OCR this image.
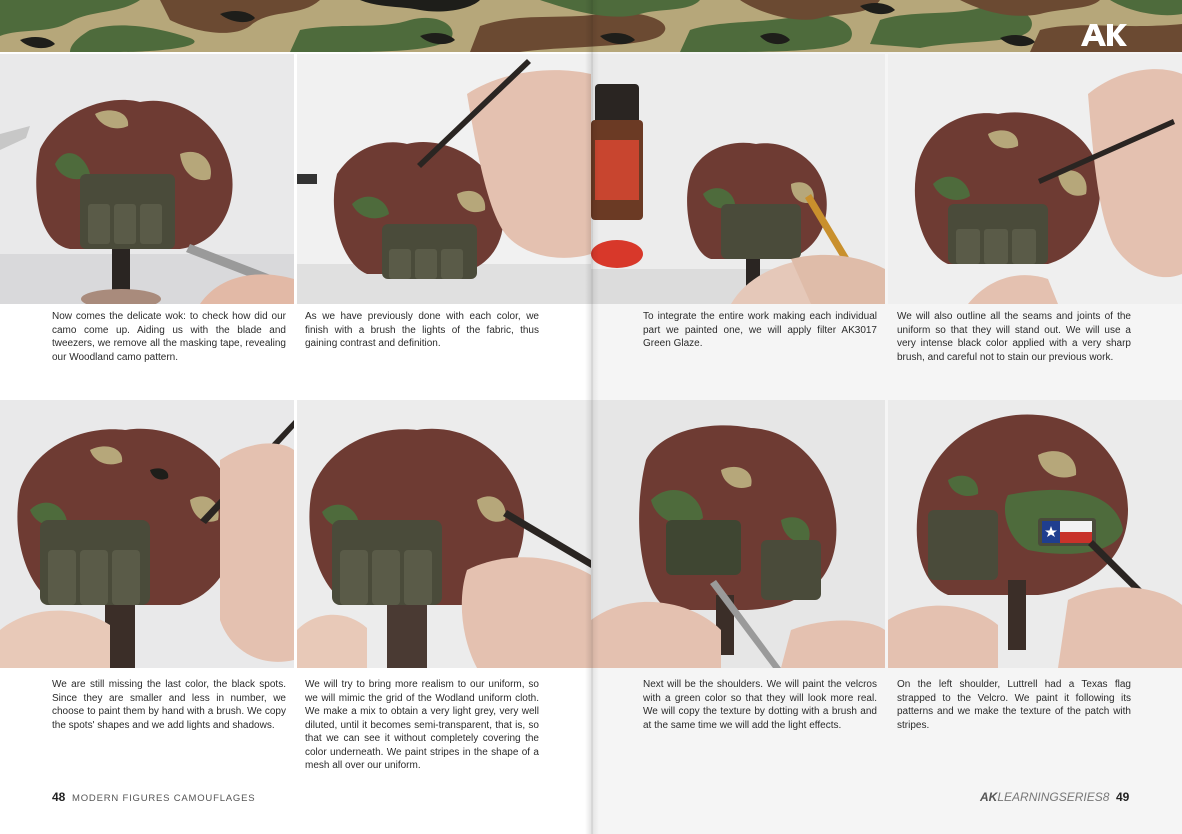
Now comes the delicate wok: to check how did our camo come up. Aiding us with the blade and tweezers, we remove all the masking tape, revealing our Woodland camo pattern.

As we have previously done with each color, we finish with a brush the lights of the fabric, thus gaining contrast and definition.

To integrate the entire work making each individual part we painted one, we will apply filter AK3017 Green Glaze.

We will also outline all the seams and joints of the uniform so that they will stand out. We will use a very intense black color applied with a very sharp brush, and careful not to stain our previous work.

We are still missing the last color, the black spots. Since they are smaller and less in number, we choose to paint them by hand with a brush. We copy the spots' shapes and we add lights and shadows.

We will try to bring more realism to our uniform, so we will mimic the grid of the Wodland uniform cloth. We make a mix to obtain a very light grey, very well diluted, until it becomes semi-transparent, that is, so that we can see it without completely covering the color underneath. We paint stripes in the shape of a mesh all over our uniform.

Next will be the shoulders. We will paint the velcros with a green color so that they will look more real. We will copy the texture by dotting with a brush and at the same time we will add the light effects.

On the left shoulder, Luttrell had a Texas flag strapped to the Velcro. We paint it following its patterns and we make the texture of the patch with stripes.

48 MODERN FIGURES CAMOUFLAGES	AKLEARNINGSERIES8 49
